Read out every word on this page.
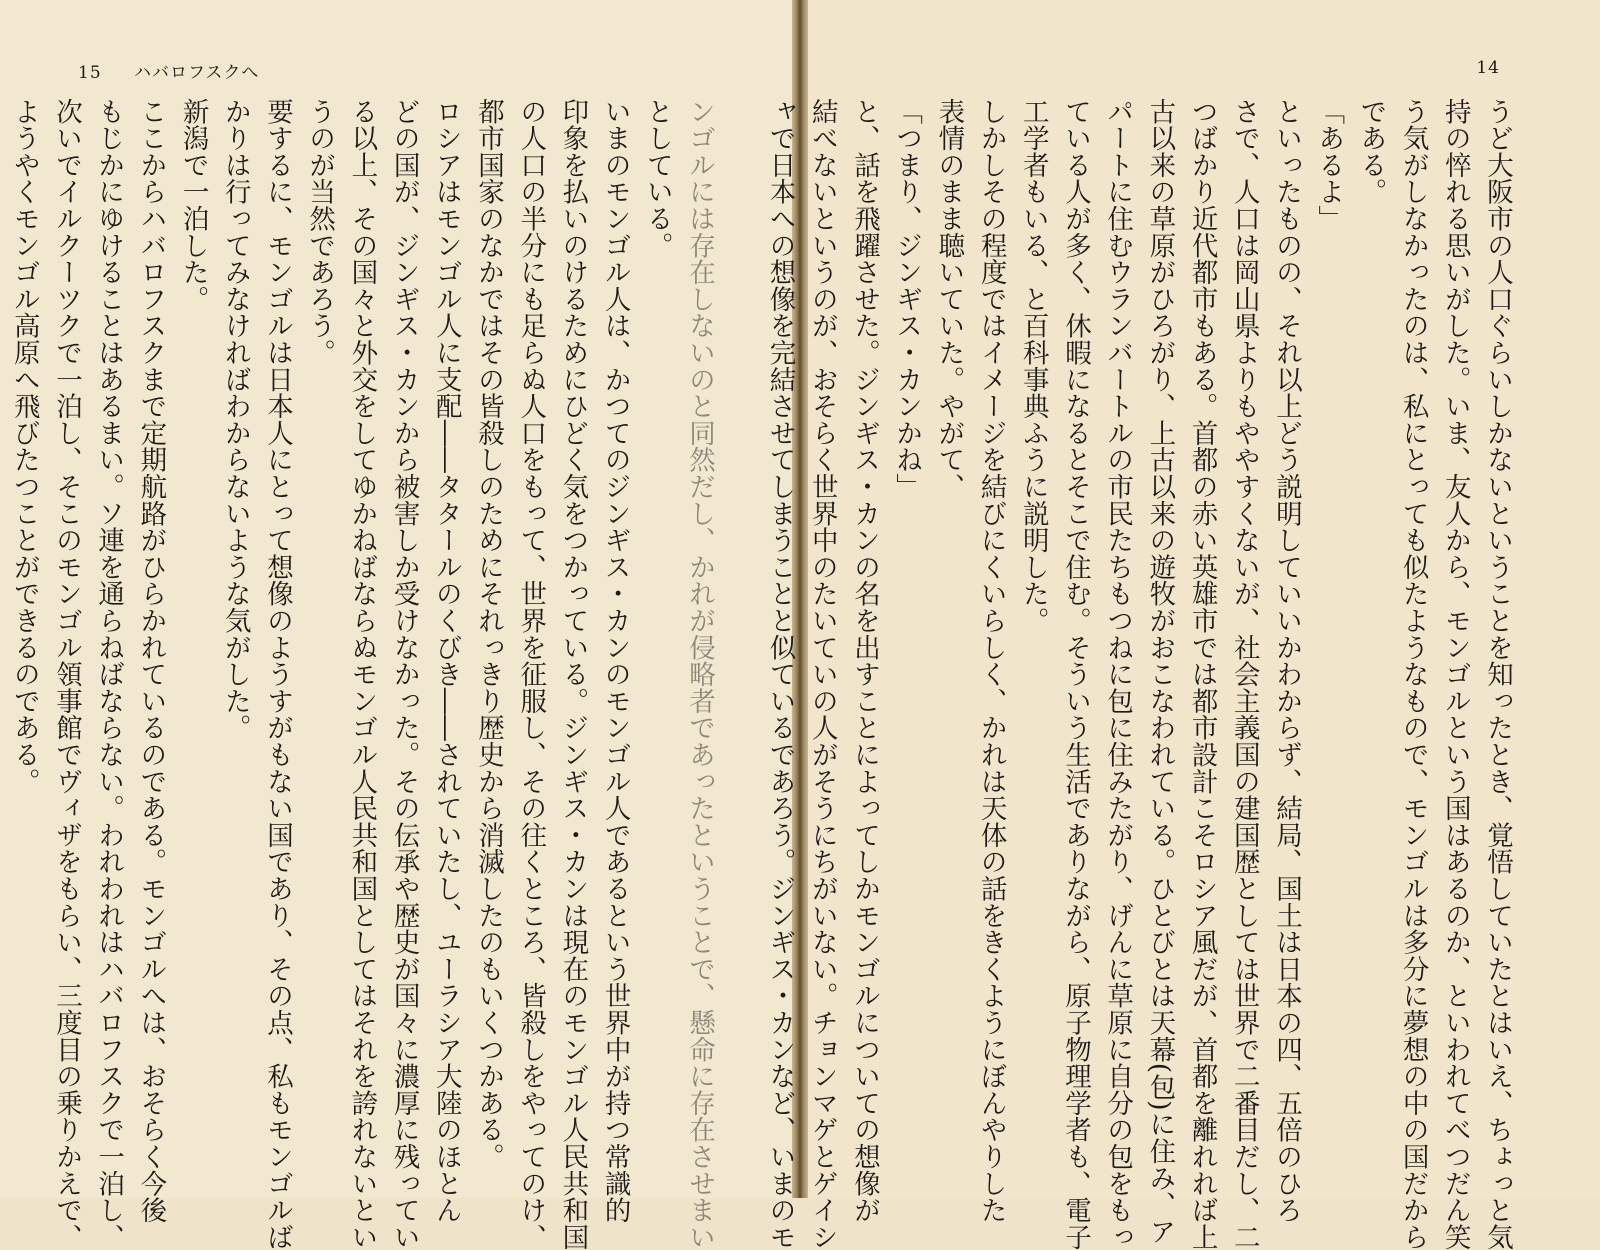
15 ハバロフスクへ

ンゴルには存在しないのと同然だし、かれが侵略者であったということで、懸命に存在させまい

としている。

いまのモンゴル人は、かつてのジンギス・カンのモンゴル人であるという世界中が持つ常識的

印象を払いのけるためにひどく気をつかっている。ジンギス・カンは現在のモンゴル人民共和国

の人口の半分にも足らぬ人口をもって、世界を征服し、その往くところ、皆殺しをやってのけ、

都市国家のなかではその皆殺しのためにそれっきり歴史から消滅したのもいくつかある。

ロシアはモンゴル人に支配――タタールのくびき――されていたし、ユーラシア大陸のほとん

どの国が、ジンギス・カンから被害しか受けなかった。その伝承や歴史が国々に濃厚に残ってい

る以上、その国々と外交をしてゆかねばならぬモンゴル人民共和国としてはそれを誇れないとい

うのが当然であろう。

要するに、モンゴルは日本人にとって想像のようすがもない国であり、その点、私もモンゴルば

かりは行ってみなければわからないような気がした。

新潟で一泊した。

ここからハバロフスクまで定期航路がひらかれているのである。モンゴルへは、おそらく今後

もじかにゆけることはあるまい。ソ連を通らねばならない。われわれはハバロフスクで一泊し、

次いでイルクーツクで一泊し、そこのモンゴル領事館でヴィザをもらい、三度目の乗りかえで、

ようやくモンゴル高原へ飛びたつことができるのである。

14

うど大阪市の人口ぐらいしかないということを知ったとき、覚悟していたとはいえ、ちょっと気

持の悴れる思いがした。いま、友人から、モンゴルという国はあるのか、といわれてべつだん笑

う気がしなかったのは、私にとっても似たようなもので、モンゴルは多分に夢想の中の国だから

である。

「あるよ」

といったものの、それ以上どう説明していいかわからず、結局、国土は日本の四、五倍のひろ

さで、人口は岡山県よりもややすくないが、社会主義国の建国歴としては世界で二番目だし、二

つばかり近代都市もある。首都の赤い英雄市では都市設計こそロシア風だが、首都を離れれば上

古以来の草原がひろがり、上古以来の遊牧がおこなわれている。ひとびとは天幕(包)に住み、ア

パートに住むウランバートルの市民たちもつねに包に住みたがり、げんに草原に自分の包をもっ

ている人が多く、休暇になるとそこで住む。そういう生活でありながら、原子物理学者も、電子

工学者もいる、と百科事典ふうに説明した。

しかしその程度ではイメージを結びにくいらしく、かれは天体の話をきくようにぼんやりした

表情のまま聴いていた。やがて、

「つまり、ジンギス・カンかね」

と、話を飛躍させた。ジンギス・カンの名を出すことによってしかモンゴルについての想像が

結べないというのが、おそらく世界中のたいていの人がそうにちがいない。チョンマゲとゲイシ

ャで日本への想像を完結させてしまうことと似ているであろう。ジンギス・カンなど、いまのモ
